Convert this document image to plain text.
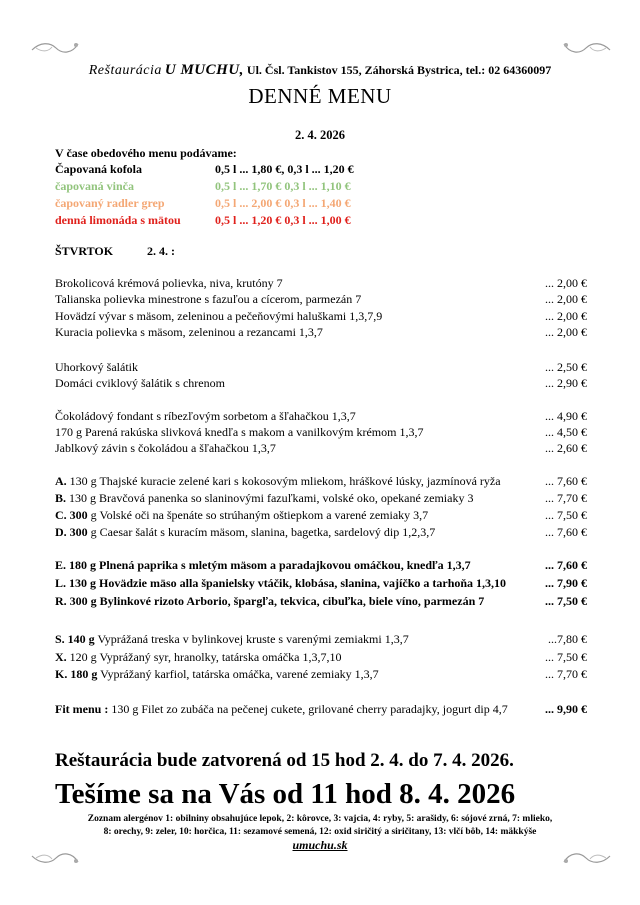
Reštaurácia U MUCHU, Ul. Čsl. Tankistov 155, Záhorská Bystrica, tel.: 02 64360097
DENNÉ MENU
2. 4. 2026
V čase obedového menu podávame:
Čapovaná kofola	0,5 l ... 1,80 €, 0,3 l ... 1,20 €
čapovaná vinča	0,5 l ... 1,70 € 0,3 l ... 1,10 €
čapovaný radler grep	0,5 l ... 2,00 € 0,3 l ... 1,40 €
denná limonáda s mätou	0,5 l ... 1,20 € 0,3 l ... 1,00 €
ŠTVRTOK	2. 4. :
Brokolicová krémová polievka, niva, krutóny 7	... 2,00 €
Talianska polievka minestrone s fazuľou a cícerom, parmezán 7	... 2,00 €
Hovädzí vývar s mäsom, zeleninou a pečeňovými haluškami 1,3,7,9	... 2,00 €
Kuracia polievka s mäsom, zeleninou a rezancami 1,3,7	... 2,00 €
Uhorkový šalátik	... 2,50 €
Domáci cviklový šalátik s chrenom	... 2,90 €
Čokoládový fondant s ríbezľovým sorbetom a šľahačkou 1,3,7	... 4,90 €
170 g Parená rakúska slivková knedľa s makom a vanilkovým krémom 1,3,7	... 4,50 €
Jablkový závin s čokoládou a šľahačkou 1,3,7	... 2,60 €
A. 130 g Thajské kuracie zelené kari s kokosovým mliekom, hráškové lúsky, jazmínová ryža	... 7,60 €
B. 130 g Bravčová panenka so slaninovými fazuľkami, volské oko, opekané zemiaky 3	... 7,70 €
C. 300 g Volské oči na špenáte so strúhaným oštiepkom a varené zemiaky 3,7	... 7,50 €
D. 300 g Caesar šalát s kuracím mäsom, slanina, bagetka, sardelový dip 1,2,3,7	... 7,60 €
E. 180 g Plnená paprika s mletým mäsom a paradajkovou omáčkou, knedľa 1,3,7	... 7,60 €
L. 130 g Hovädzie mäso alla španielsky vtáčik, klobása, slanina, vajíčko a tarhoňa 1,3,10	... 7,90 €
R. 300 g Bylinkové rizoto Arborio, špargľa, tekvica, cibuľka, biele víno, parmezán 7	... 7,50 €
S. 140 g Vyprážaná treska v bylinkovej kruste s varenými zemiakmi 1,3,7	...7,80 €
X. 120 g Vyprážaný syr, hranolky, tatárska omáčka 1,3,7,10	... 7,50 €
K. 180 g Vyprážaný karfiol, tatárska omáčka, varené zemiaky 1,3,7	... 7,70 €
Fit menu : 130 g Filet zo zubáča na pečenej cukete, grilované cherry paradajky, jogurt dip 4,7	... 9,90 €
Reštaurácia bude zatvorená od 15 hod 2. 4. do 7. 4. 2026.
Tešíme sa na Vás od 11 hod 8. 4. 2026
Zoznam alergénov 1: obilniny obsahujúce lepok, 2: kôrovce, 3: vajcia, 4: ryby, 5: arašidy, 6: sójové zrná, 7: mlieko,
8: orechy, 9: zeler, 10: horčica, 11: sezamové semená, 12: oxid siričitý a siričitany, 13: vlčí bôb, 14: mäkkýše
umuchu.sk
